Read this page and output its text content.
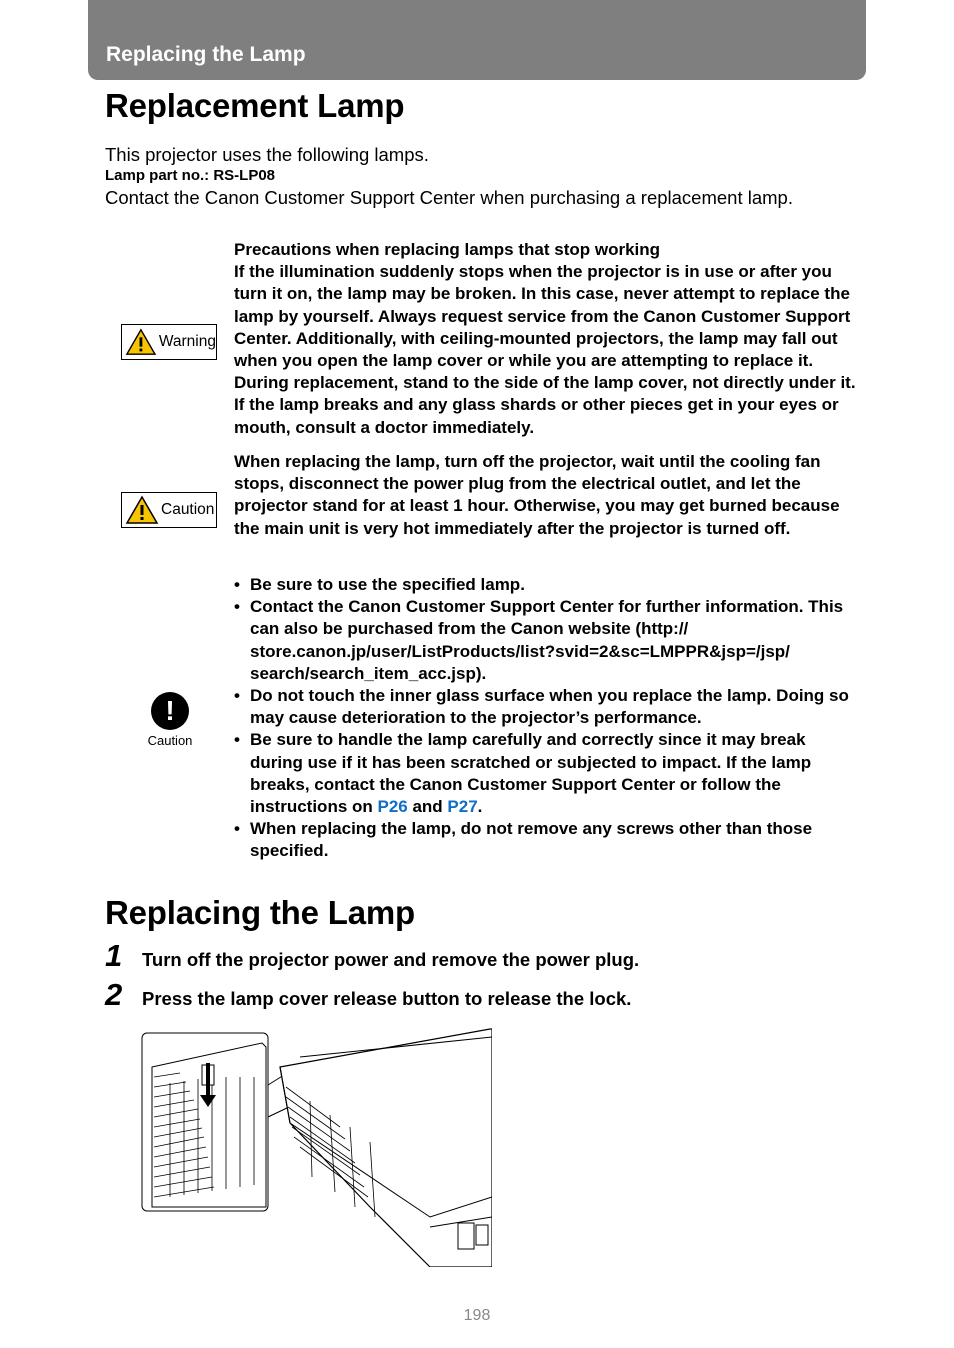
Replacing the Lamp
Replacement Lamp
This projector uses the following lamps.
Lamp part no.: RS-LP08
Contact the Canon Customer Support Center when purchasing a replacement lamp.
Warning

Precautions when replacing lamps that stop working

If the illumination suddenly stops when the projector is in use or after you turn it on, the lamp may be broken. In this case, never attempt to replace the lamp by yourself. Always request service from the Canon Customer Support Center. Additionally, with ceiling-mounted projectors, the lamp may fall out when you open the lamp cover or while you are attempting to replace it. During replacement, stand to the side of the lamp cover, not directly under it. If the lamp breaks and any glass shards or other pieces get in your eyes or mouth, consult a doctor immediately.

Caution

When replacing the lamp, turn off the projector, wait until the cooling fan stops, disconnect the power plug from the electrical outlet, and let the projector stand for at least 1 hour. Otherwise, you may get burned because the main unit is very hot immediately after the projector is turned off.

!
Caution
• Be sure to use the specified lamp.
• Contact the Canon Customer Support Center for further information. This can also be purchased from the Canon website (http:// store.canon.jp/user/ListProducts/list?svid=2&sc=LMPPR&jsp=/jsp/ search/search_item_acc.jsp).
• Do not touch the inner glass surface when you replace the lamp. Doing so may cause deterioration to the projector’s performance.
• Be sure to handle the lamp carefully and correctly since it may break during use if it has been scratched or subjected to impact. If the lamp breaks, contact the Canon Customer Support Center or follow the instructions on P26 and P27.
• When replacing the lamp, do not remove any screws other than those specified.
Replacing the Lamp
1	Turn off the projector power and remove the power plug.
2	Press the lamp cover release button to release the lock.
198
